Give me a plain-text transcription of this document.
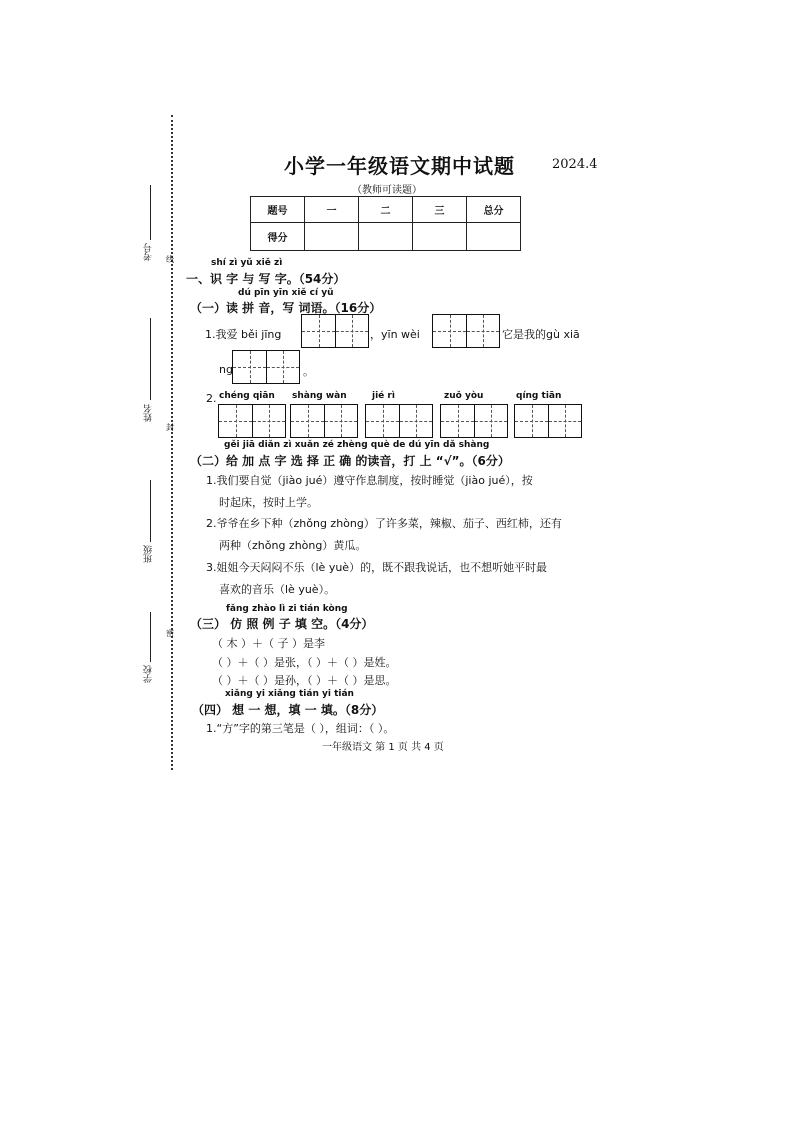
考号
姓名
班级
学校
线
封
密
小学一年级语文期中试题	2024.4
（教师可读题）
题号	一	二	三	总分
得分				
shí zì yǔ xiě zì
一、识 字 与 写 字。（54分）
dú pīn yīn xiě cí yǔ
（一）读 拼 音，写 词语。（16分）
1.我爱 běi jīng	，yīn wèi	它是我的gù xiā
ng	。
2. chéng qiān shàng wàn	jié rì	zuǒ yòu	qíng tiān
gěi jiā diǎn zì xuǎn zé zhèng què de dú yīn dǎ shàng
（二）给 加 点 字 选 择 正 确 的读音，打 上 “√”。（6分）
1.我们要自觉（jiào jué）遵守作息制度，按时睡觉（jiào jué），按
时起床，按时上学。
2.爷爷在乡下种（zhǒng zhòng）了许多菜，辣椒、茄子、西红柿，还有
两种（zhǒng zhòng）黄瓜。
3.姐姐今天闷闷不乐（lè yuè）的，既不跟我说话，也不想听她平时最
喜欢的音乐（lè yuè）。
fǎng zhào lì zi tián kòng
（三） 仿 照 例 子 填 空。（4分）
（ 木 ）＋（ 子 ）是李
（ ）＋（ ）是张，（ ）＋（ ）是姓。
（ ）＋（ ）是孙，（ ）＋（ ）是思。
xiǎng yi xiǎng tián yi tián
（四） 想 一 想，填 一 填。（8分）
1.“方”字的第三笔是（ ），组词：（ ）。
一年级语文 第 1 页 共 4 页
